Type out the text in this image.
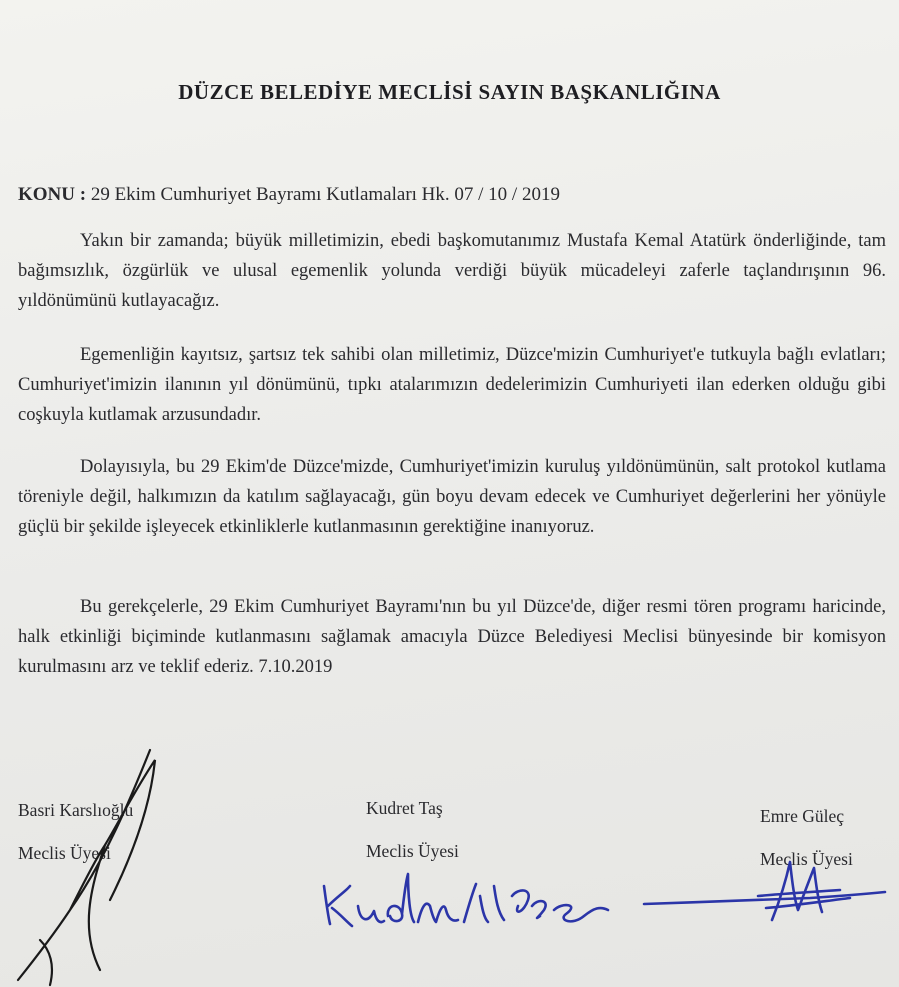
DÜZCE BELEDİYE MECLİSİ SAYIN BAŞKANLIĞINA
KONU : 29 Ekim Cumhuriyet Bayramı Kutlamaları Hk. 07 / 10 / 2019

Yakın bir zamanda; büyük milletimizin, ebedi başkomutanımız Mustafa Kemal Atatürk önderliğinde, tam bağımsızlık, özgürlük ve ulusal egemenlik yolunda verdiği büyük mücadeleyi zaferle taçlandırışının 96. yıldönümünü kutlayacağız.

Egemenliğin kayıtsız, şartsız tek sahibi olan milletimiz, Düzce'mizin Cumhuriyet'e tutkuyla bağlı evlatları; Cumhuriyet'imizin ilanının yıl dönümünü, tıpkı atalarımızın dedelerimizin Cumhuriyeti ilan ederken olduğu gibi coşkuyla kutlamak arzusundadır.

Dolayısıyla, bu 29 Ekim'de Düzce'mizde, Cumhuriyet'imizin kuruluş yıldönümünün, salt protokol kutlama töreniyle değil, halkımızın da katılım sağlayacağı, gün boyu devam edecek ve Cumhuriyet değerlerini her yönüyle güçlü bir şekilde işleyecek etkinliklerle kutlanmasının gerektiğine inanıyoruz.

Bu gerekçelerle, 29 Ekim Cumhuriyet Bayramı'nın bu yıl Düzce'de, diğer resmi tören programı haricinde, halk etkinliği biçiminde kutlanmasını sağlamak amacıyla Düzce Belediyesi Meclisi bünyesinde bir komisyon kurulmasını arz ve teklif ederiz. 7.10.2019

Basri Karslıoğlu
Meclis Üyesi
Kudret Taş
Meclis Üyesi
Emre Güleç
Meclis Üyesi
